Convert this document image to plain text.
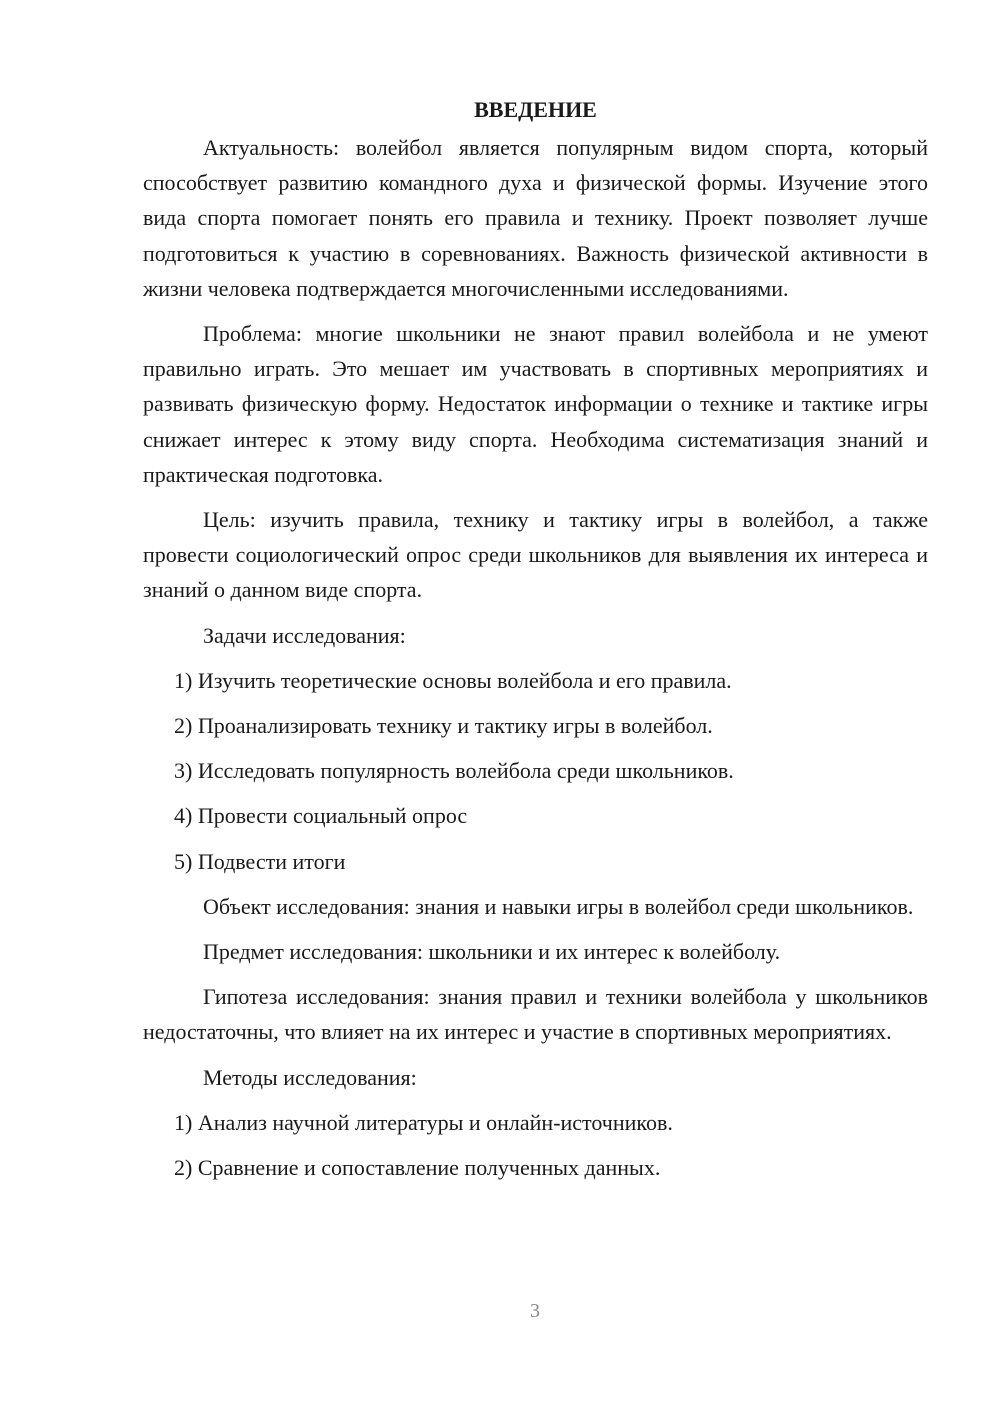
ВВЕДЕНИЕ

Актуальность: волейбол является популярным видом спорта, который способствует развитию командного духа и физической формы. Изучение этого вида спорта помогает понять его правила и технику. Проект позволяет лучше подготовиться к участию в соревнованиях. Важность физической активности в жизни человека подтверждается многочисленными исследованиями.

Проблема: многие школьники не знают правил волейбола и не умеют правильно играть. Это мешает им участвовать в спортивных мероприятиях и развивать физическую форму. Недостаток информации о технике и тактике игры снижает интерес к этому виду спорта. Необходима систематизация знаний и практическая подготовка.

Цель: изучить правила, технику и тактику игры в волейбол, а также провести социологический опрос среди школьников для выявления их интереса и знаний о данном виде спорта.

Задачи исследования:

1) Изучить теоретические основы волейбола и его правила.
2) Проанализировать технику и тактику игры в волейбол.
3) Исследовать популярность волейбола среди школьников.
4) Провести социальный опрос
5) Подвести итоги

Объект исследования: знания и навыки игры в волейбол среди школьников.

Предмет исследования: школьники и их интерес к волейболу.

Гипотеза исследования: знания правил и техники волейбола у школьников недостаточны, что влияет на их интерес и участие в спортивных мероприятиях.

Методы исследования:

1) Анализ научной литературы и онлайн-источников.
2) Сравнение и сопоставление полученных данных.
3
